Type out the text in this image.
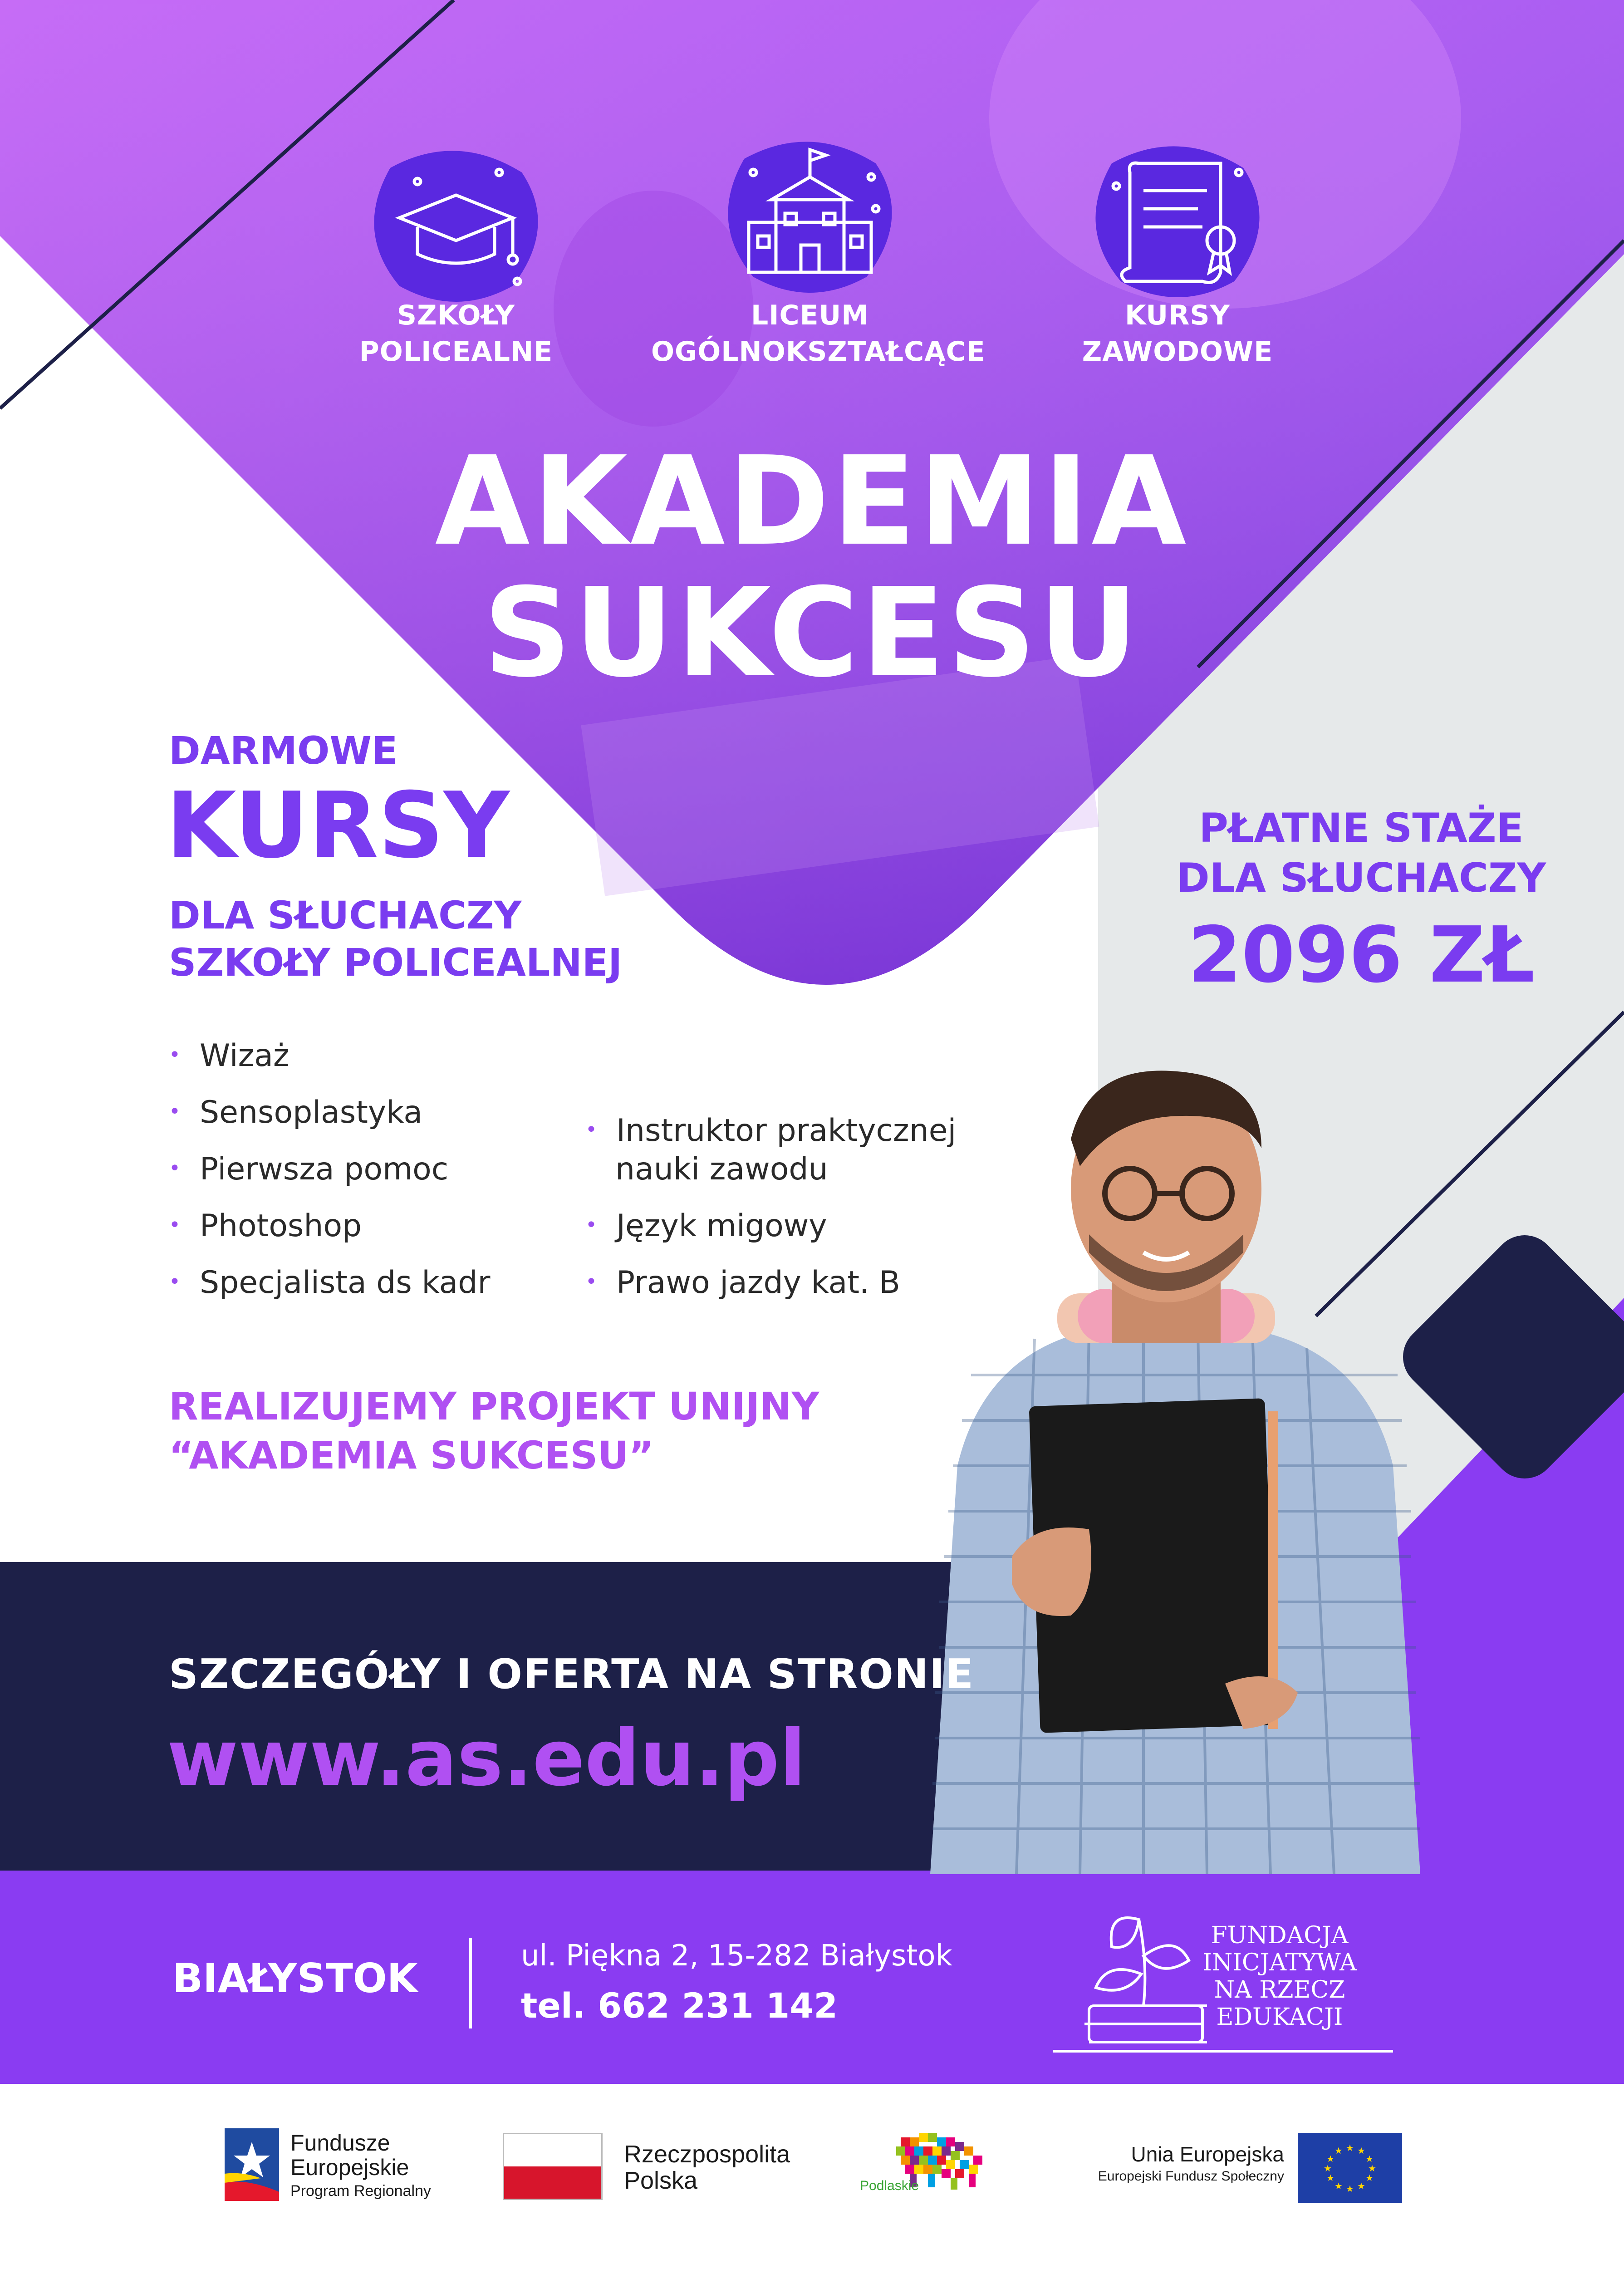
SZKOŁY
POLICEALNE
LICEUM
OGÓLNOKSZTAŁCĄCE
KURSY
ZAWODOWE
AKADEMIA
SUKCESU
DARMOWE
KURSY
DLA SŁUCHACZY
SZKOŁY POLICEALNEJ
• Wizaż
• Sensoplastyka
• Pierwsza pomoc
• Photoshop
• Specjalista ds kadr
• Instruktor praktycznej
nauki zawodu
• Język migowy
• Prawo jazdy kat. B
PŁATNE STAŻE
DLA SŁUCHACZY
2096 ZŁ
REALIZUJEMY PROJEKT UNIJNY
“AKADEMIA SUKCESU”
SZCZEGÓŁY I OFERTA NA STRONIE
www.as.edu.pl
BIAŁYSTOK	ul. Piękna 2, 15-282 Białystok
tel. 662 231 142
FUNDACJA
INICJATYWA
NA RZECZ
EDUKACJI
Fundusze
Europejskie
Program Regionalny
Rzeczpospolita
Polska	Podlaskie
Unia Europejska
Europejski Fundusz Społeczny
★ ★
★
★
★
★
★
★
★
★
★
★
